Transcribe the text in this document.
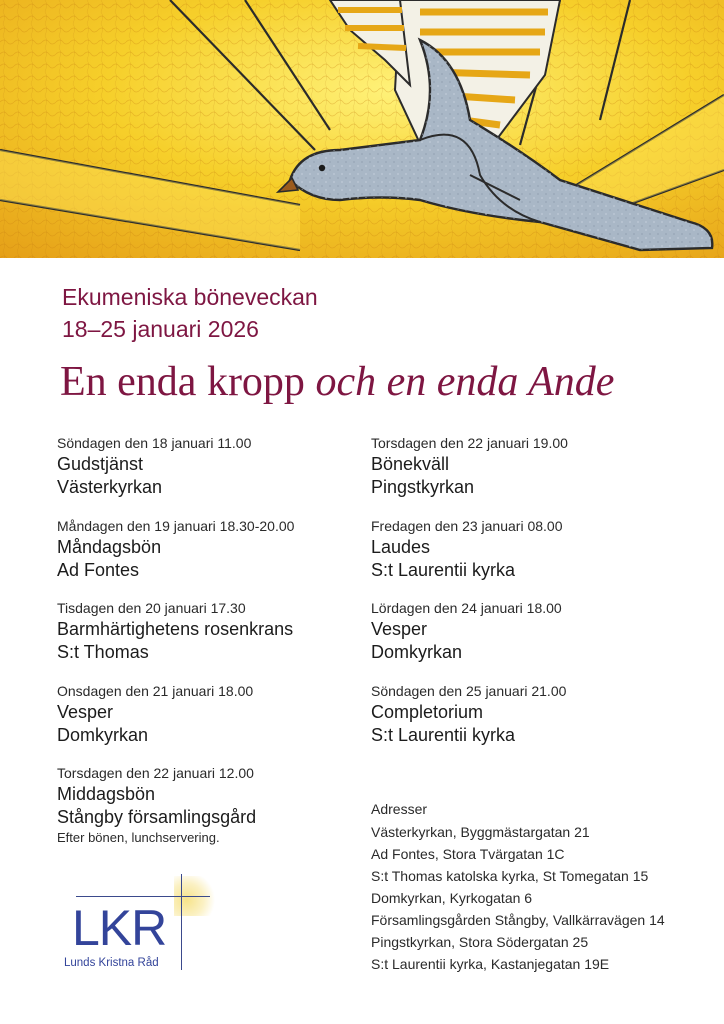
Ekumeniska böneveckan
18–25 januari 2026
En enda kropp och en enda Ande
Söndagen den 18 januari 11.00
Gudstjänst
Västerkyrkan
Måndagen den 19 januari 18.30-20.00
Måndagsbön
Ad Fontes
Tisdagen den 20 januari 17.30
Barmhärtighetens rosenkrans
S:t Thomas
Onsdagen den 21 januari 18.00
Vesper
Domkyrkan
Torsdagen den 22 januari 12.00
Middagsbön
Stångby församlingsgård
Efter bönen, lunchservering.
Torsdagen den 22 januari 19.00
Bönekväll
Pingstkyrkan
Fredagen den 23 januari 08.00
Laudes
S:t Laurentii kyrka
Lördagen den 24 januari 18.00
Vesper
Domkyrkan
Söndagen den 25 januari 21.00
Completorium
S:t Laurentii kyrka
Adresser
Västerkyrkan, Byggmästargatan 21
Ad Fontes, Stora Tvärgatan 1C
S:t Thomas katolska kyrka, St Tomegatan 15
Domkyrkan, Kyrkogatan 6
Församlingsgården Stångby, Vallkärravägen 14
Pingstkyrkan, Stora Södergatan 25
S:t Laurentii kyrka, Kastanjegatan 19E
LKR
Lunds Kristna Råd
